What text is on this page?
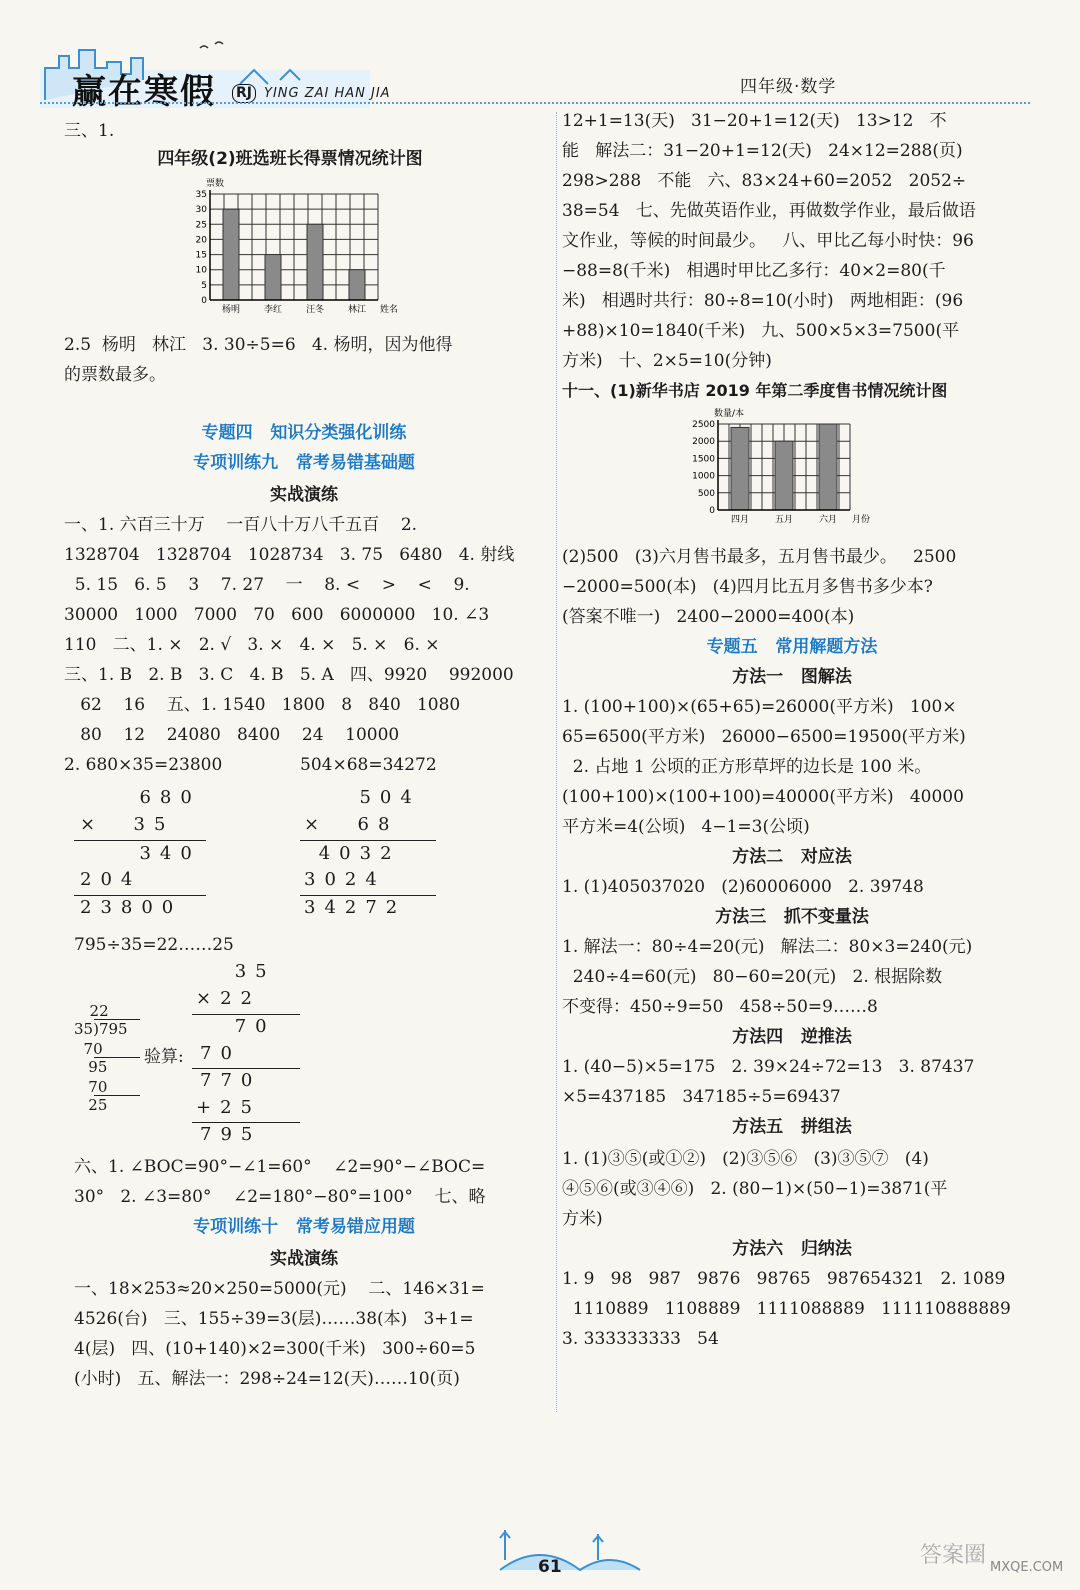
赢在寒假 RJ YING ZAI HAN JIA	四年级·数学
三、1.
四年级(2)班选班长得票情况统计图
票数
0
5
10
15
20
25
30
35
杨明	李红	汪冬	林江 姓名
2.5  杨明   林江   3. 30÷5=6   4. 杨明，因为他得
的票数最多。
专题四   知识分类强化训练
专项训练九   常考易错基础题
实战演练
一、1. 六百三十万    一百八十万八千五百    2.
1328704   1328704   1028734   3. 75   6480   4. 射线
5. 15   6. 5    3    7. 27    一    8. <    >    <    9.
30000   1000   7000   70   600   6000000   10. ∠3
110   二、1. ×   2. √   3. ×   4. ×   5. ×   6. ×
三、1. B   2. B   3. C   4. B   5. A   四、9920    992000
62    16    五、1. 1540   1800   8   840   1080
80    12    24080   8400    24    10000
2. 680×35=23800	504×68=34272
680
×  35
340
204
23800
504
×  68
4032
3024
34272
795÷35=22……25
22
35)795
70
95
70
25
验算:
35
×22
70
70
770
+25
795
六、1. ∠BOC=90°−∠1=60°    ∠2=90°−∠BOC=
30°   2. ∠3=80°    ∠2=180°−80°=100°    七、略
专项训练十   常考易错应用题
实战演练
一、18×253≈20×250=5000(元)    二、146×31=
4526(台)   三、155÷39=3(层)……38(本)   3+1=
4(层)   四、(10+140)×2=300(千米)   300÷60=5
(小时)   五、解法一：298÷24=12(天)……10(页)
12+1=13(天)   31−20+1=12(天)   13>12   不
能   解法二：31−20+1=12(天)   24×12=288(页)
298>288   不能   六、83×24+60=2052   2052÷
38=54   七、先做英语作业，再做数学作业，最后做语
文作业，等候的时间最少。   八、甲比乙每小时快：96
−88=8(千米)   相遇时甲比乙多行：40×2=80(千
米)   相遇时共行：80÷8=10(小时)   两地相距：(96
+88)×10=1840(千米)   九、500×5×3=7500(平
方米)   十、2×5=10(分钟)
十一、(1)新华书店 2019 年第二季度售书情况统计图
数量/本
0
500
1000
1500
2000
2500
四月	五月	六月 月份
(2)500   (3)六月售书最多，五月售书最少。   2500
−2000=500(本)   (4)四月比五月多售书多少本?
(答案不唯一)   2400−2000=400(本)
专题五   常用解题方法
方法一   图解法
1. (100+100)×(65+65)=26000(平方米)   100×
65=6500(平方米)   26000−6500=19500(平方米)
2. 占地 1 公顷的正方形草坪的边长是 100 米。
(100+100)×(100+100)=40000(平方米)   40000
平方米=4(公顷)   4−1=3(公顷)
方法二   对应法
1. (1)405037020   (2)60006000   2. 39748
方法三   抓不变量法
1. 解法一：80÷4=20(元)   解法二：80×3=240(元)
240÷4=60(元)   80−60=20(元)   2. 根据除数
不变得：450÷9=50   458÷50=9……8
方法四   逆推法
1. (40−5)×5=175   2. 39×24÷72=13   3. 87437
×5=437185   347185÷5=69437
方法五   拼组法
1. (1)③⑤(或①②)   (2)③⑤⑥   (3)③⑤⑦   (4)
④⑤⑥(或③④⑥)   2. (80−1)×(50−1)=3871(平
方米)
方法六   归纳法
1. 9   98   987   9876   98765   987654321   2. 1089
1110889   1108889   1111088889   111110888889
3. 333333333   54
61	MXQE.COM
答案圈
